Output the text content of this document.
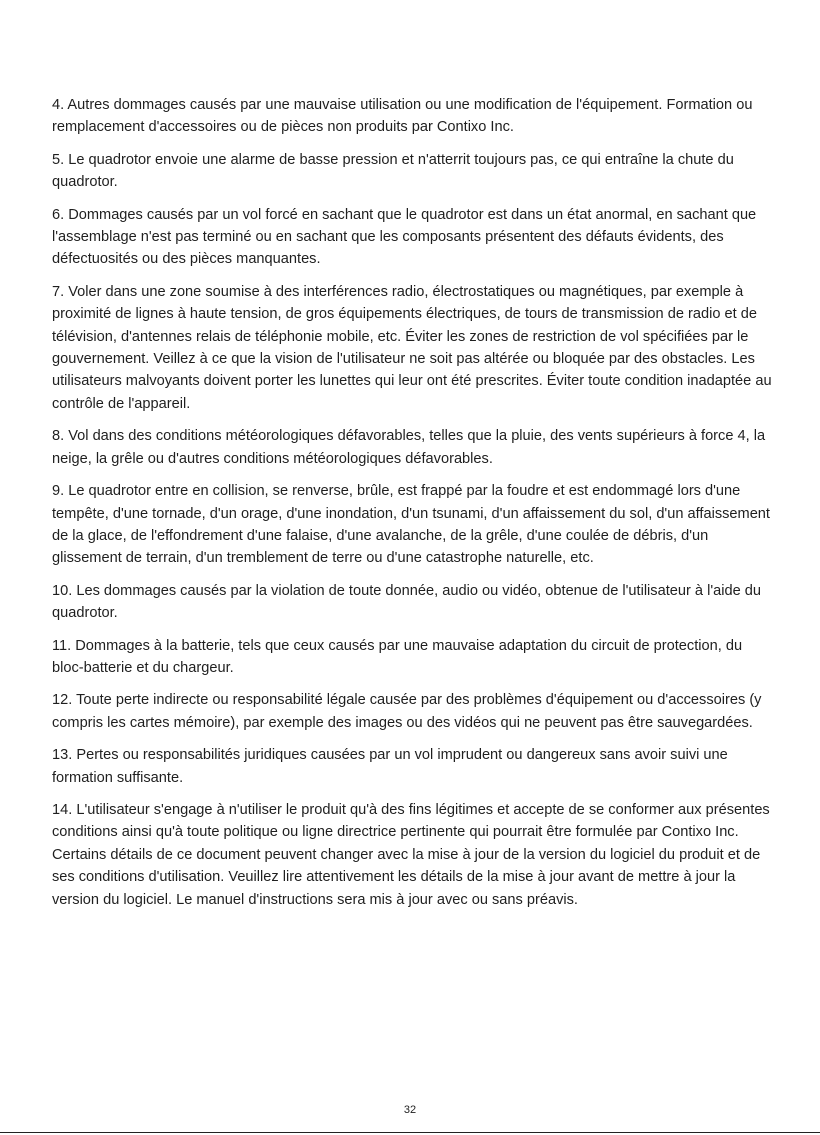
4. Autres dommages causés par une mauvaise utilisation ou une modification de l'équipement. Formation ou remplacement d'accessoires ou de pièces non produits par Contixo Inc.

5. Le quadrotor envoie une alarme de basse pression et n'atterrit toujours pas, ce qui entraîne la chute du quadrotor.

6. Dommages causés par un vol forcé en sachant que le quadrotor est dans un état anormal, en sachant que l'assemblage n'est pas terminé ou en sachant que les composants présentent des défauts évidents, des défectuosités ou des pièces manquantes.

7. Voler dans une zone soumise à des interférences radio, électrostatiques ou magnétiques, par exemple à proximité de lignes à haute tension, de gros équipements électriques, de tours de transmission de radio et de télévision, d'antennes relais de téléphonie mobile, etc. Éviter les zones de restriction de vol spécifiées par le gouvernement. Veillez à ce que la vision de l'utilisateur ne soit pas altérée ou bloquée par des obstacles. Les utilisateurs malvoyants doivent porter les lunettes qui leur ont été prescrites. Éviter toute condition inadaptée au contrôle de l'appareil.

8. Vol dans des conditions météorologiques défavorables, telles que la pluie, des vents supérieurs à force 4, la neige, la grêle ou d'autres conditions météorologiques défavorables.

9. Le quadrotor entre en collision, se renverse, brûle, est frappé par la foudre et est endommagé lors d'une tempête, d'une tornade, d'un orage, d'une inondation, d'un tsunami, d'un affaissement du sol, d'un affaissement de la glace, de l'effondrement d'une falaise, d'une avalanche, de la grêle, d'une coulée de débris, d'un glissement de terrain, d'un tremblement de terre ou d'une catastrophe naturelle, etc.

10. Les dommages causés par la violation de toute donnée, audio ou vidéo, obtenue de l'utilisateur à l'aide du quadrotor.

11. Dommages à la batterie, tels que ceux causés par une mauvaise adaptation du circuit de protection, du bloc-batterie et du chargeur.

12. Toute perte indirecte ou responsabilité légale causée par des problèmes d'équipement ou d'accessoires (y compris les cartes mémoire), par exemple des images ou des vidéos qui ne peuvent pas être sauvegardées.

13. Pertes ou responsabilités juridiques causées par un vol imprudent ou dangereux sans avoir suivi une formation suffisante.

14. L'utilisateur s'engage à n'utiliser le produit qu'à des fins légitimes et accepte de se conformer aux présentes conditions ainsi qu'à toute politique ou ligne directrice pertinente qui pourrait être formulée par Contixo Inc. Certains détails de ce document peuvent changer avec la mise à jour de la version du logiciel du produit et de ses conditions d'utilisation. Veuillez lire attentivement les détails de la mise à jour avant de mettre à jour la version du logiciel. Le manuel d'instructions sera mis à jour avec ou sans préavis.

32
